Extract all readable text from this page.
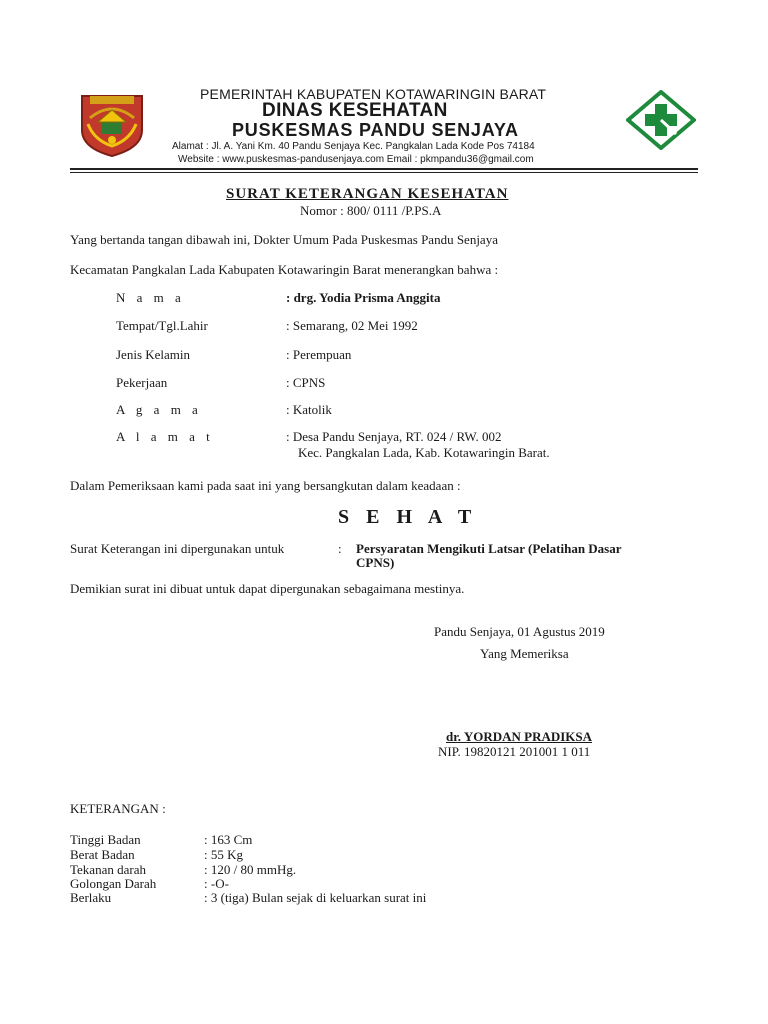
PEMERINTAH KABUPATEN KOTAWARINGIN BARAT
DINAS KESEHATAN
PUSKESMAS PANDU SENJAYA
Alamat : Jl. A. Yani Km. 40 Pandu Senjaya Kec. Pangkalan Lada Kode Pos 74184
Website : www.puskesmas-pandusenjaya.com Email : pkmpandu36@gmail.com
SURAT KETERANGAN KESEHATAN
Nomor : 800/ 0111 /P.PS.A
Yang bertanda tangan dibawah ini, Dokter Umum Pada Puskesmas Pandu Senjaya
Kecamatan Pangkalan Lada Kabupaten Kotawaringin Barat menerangkan bahwa :
N a m a	: drg. Yodia Prisma Anggita
Tempat/Tgl.Lahir	: Semarang, 02 Mei 1992
Jenis Kelamin	: Perempuan
Pekerjaan	: CPNS
A g a m a	: Katolik
A l a m a t	: Desa Pandu Senjaya, RT. 024 / RW. 002
Kec. Pangkalan Lada, Kab. Kotawaringin Barat.
Dalam Pemeriksaan kami pada saat ini yang bersangkutan dalam keadaan :
S E H A T
Surat Keterangan ini dipergunakan untuk	: Persyaratan Mengikuti Latsar (Pelatihan Dasar
CPNS)
Demikian surat ini dibuat untuk dapat dipergunakan sebagaimana mestinya.
Pandu Senjaya, 01 Agustus 2019
Yang Memeriksa
dr. YORDAN PRADIKSA
NIP. 19820121 201001 1 011
KETERANGAN :
Tinggi Badan	: 163 Cm
Berat Badan	: 55 Kg
Tekanan darah	: 120 / 80 mmHg.
Golongan Darah	: -O-
Berlaku	: 3 (tiga) Bulan sejak di keluarkan surat ini
